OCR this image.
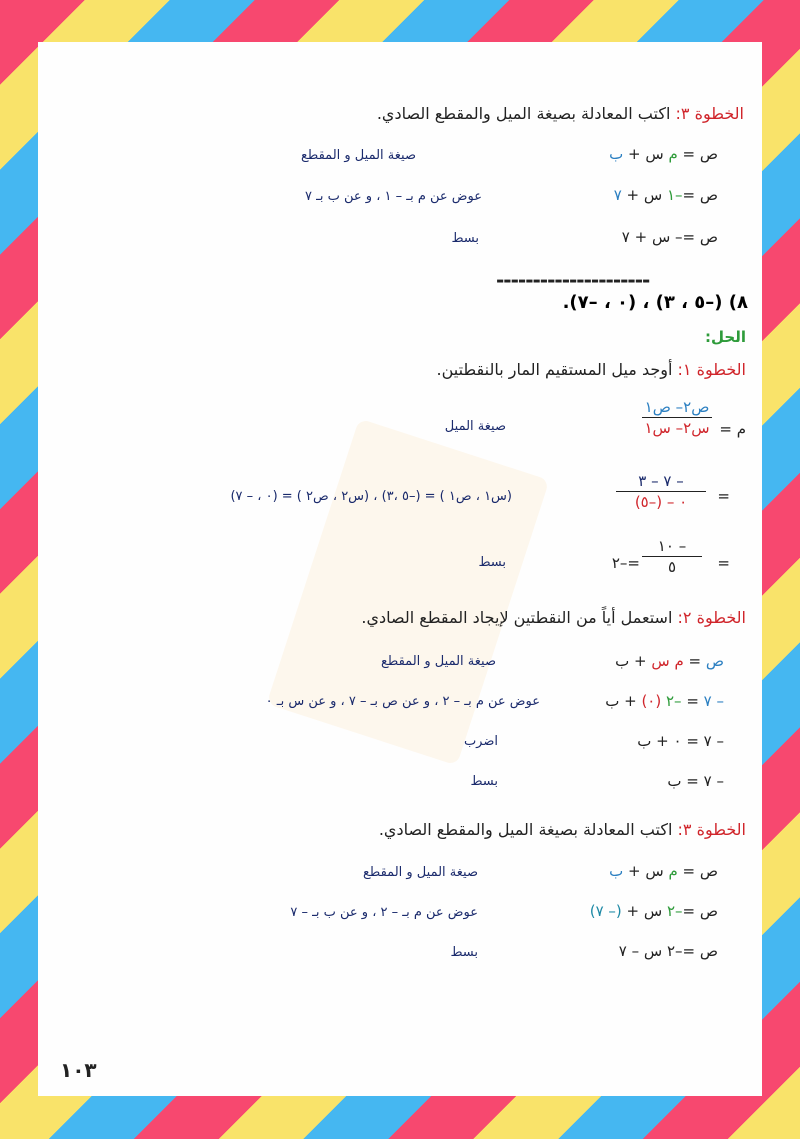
الخطوة ٣: اكتب المعادلة بصيغة الميل والمقطع الصادي.
ص = م س + ب
صيغة الميل و المقطع
ص =–١ س + ٧
عوض عن م بـ – ١ ، و عن ب بـ ٧
ص =– س + ٧
بسط
---------------------
٨) (–٥ ، ٣) ، (٠ ، –٧).
الحل:
الخطوة ١: أوجد ميل المستقيم المار بالنقطتين.
م =
ص٢– ص١
س٢– س١
صيغة الميل
=
– ٧ – ٣
٠ – (–٥)
(س١ ، ص١ ) = (–٥ ،٣) ، (س٢ ، ص٢ ) = (٠ ، – ٧)
=
– ١٠
٥
=–٢
بسط
الخطوة ٢: استعمل أياً من النقطتين لإيجاد المقطع الصادي.
ص = م س + ب
صيغة الميل و المقطع
– ٧ = –٢ (٠) + ب
عوض عن م بـ – ٢ ، و عن ص بـ – ٧ ، و عن س بـ ٠
– ٧ = ٠ + ب
اضرب
– ٧ = ب
بسط
الخطوة ٣: اكتب المعادلة بصيغة الميل والمقطع الصادي.
ص = م س + ب
صيغة الميل و المقطع
ص =–٢ س + (– ٧)
عوض عن م بـ – ٢ ، و عن ب بـ – ٧
ص =–٢ س – ٧
بسط
١٠٣
